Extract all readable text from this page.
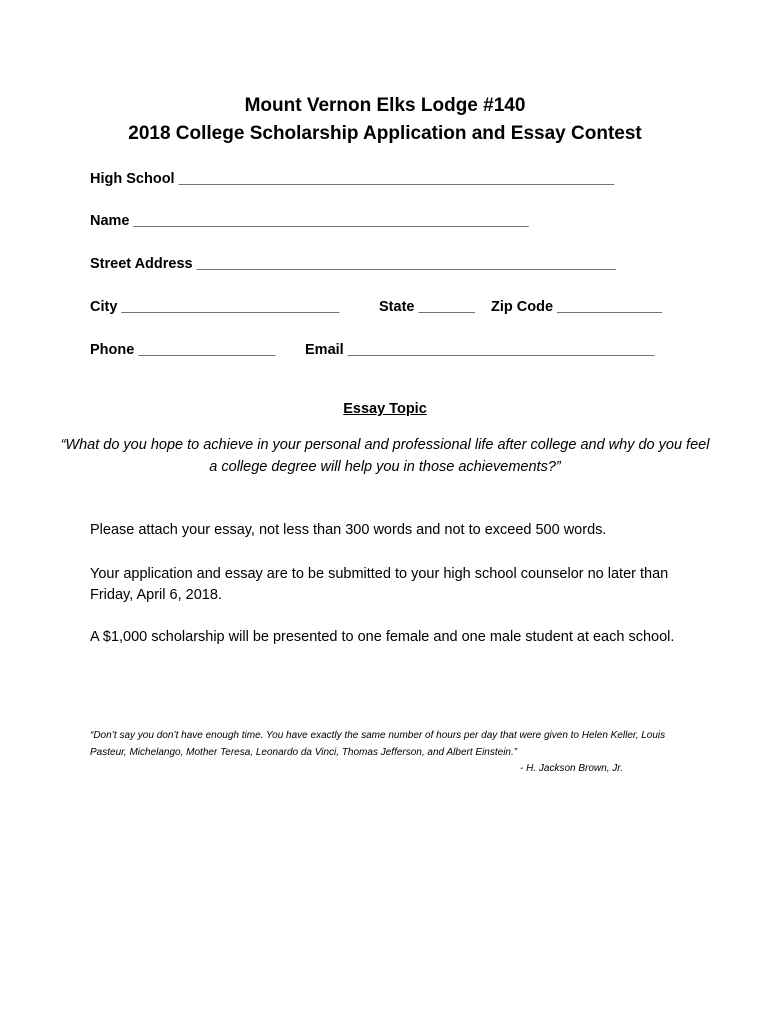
Mount Vernon Elks Lodge #140
2018 College Scholarship Application and Essay Contest
High School ______________________________________________________
Name _________________________________________________
Street Address ____________________________________________________
City ___________________________	State _______ Zip Code _____________
Phone _________________ Email ______________________________________
Essay Topic
“What do you hope to achieve in your personal and professional life after college and why do you feel a college degree will help you in those achievements?”
Please attach your essay, not less than 300 words and not to exceed 500 words.
Your application and essay are to be submitted to your high school counselor no later than Friday, April 6, 2018.
A $1,000 scholarship will be presented to one female and one male student at each school.
“Don’t say you don’t have enough time. You have exactly the same number of hours per day that were given to Helen Keller, Louis Pasteur, Michelango, Mother Teresa, Leonardo da Vinci, Thomas Jefferson, and Albert Einstein.”
- H. Jackson Brown, Jr.
